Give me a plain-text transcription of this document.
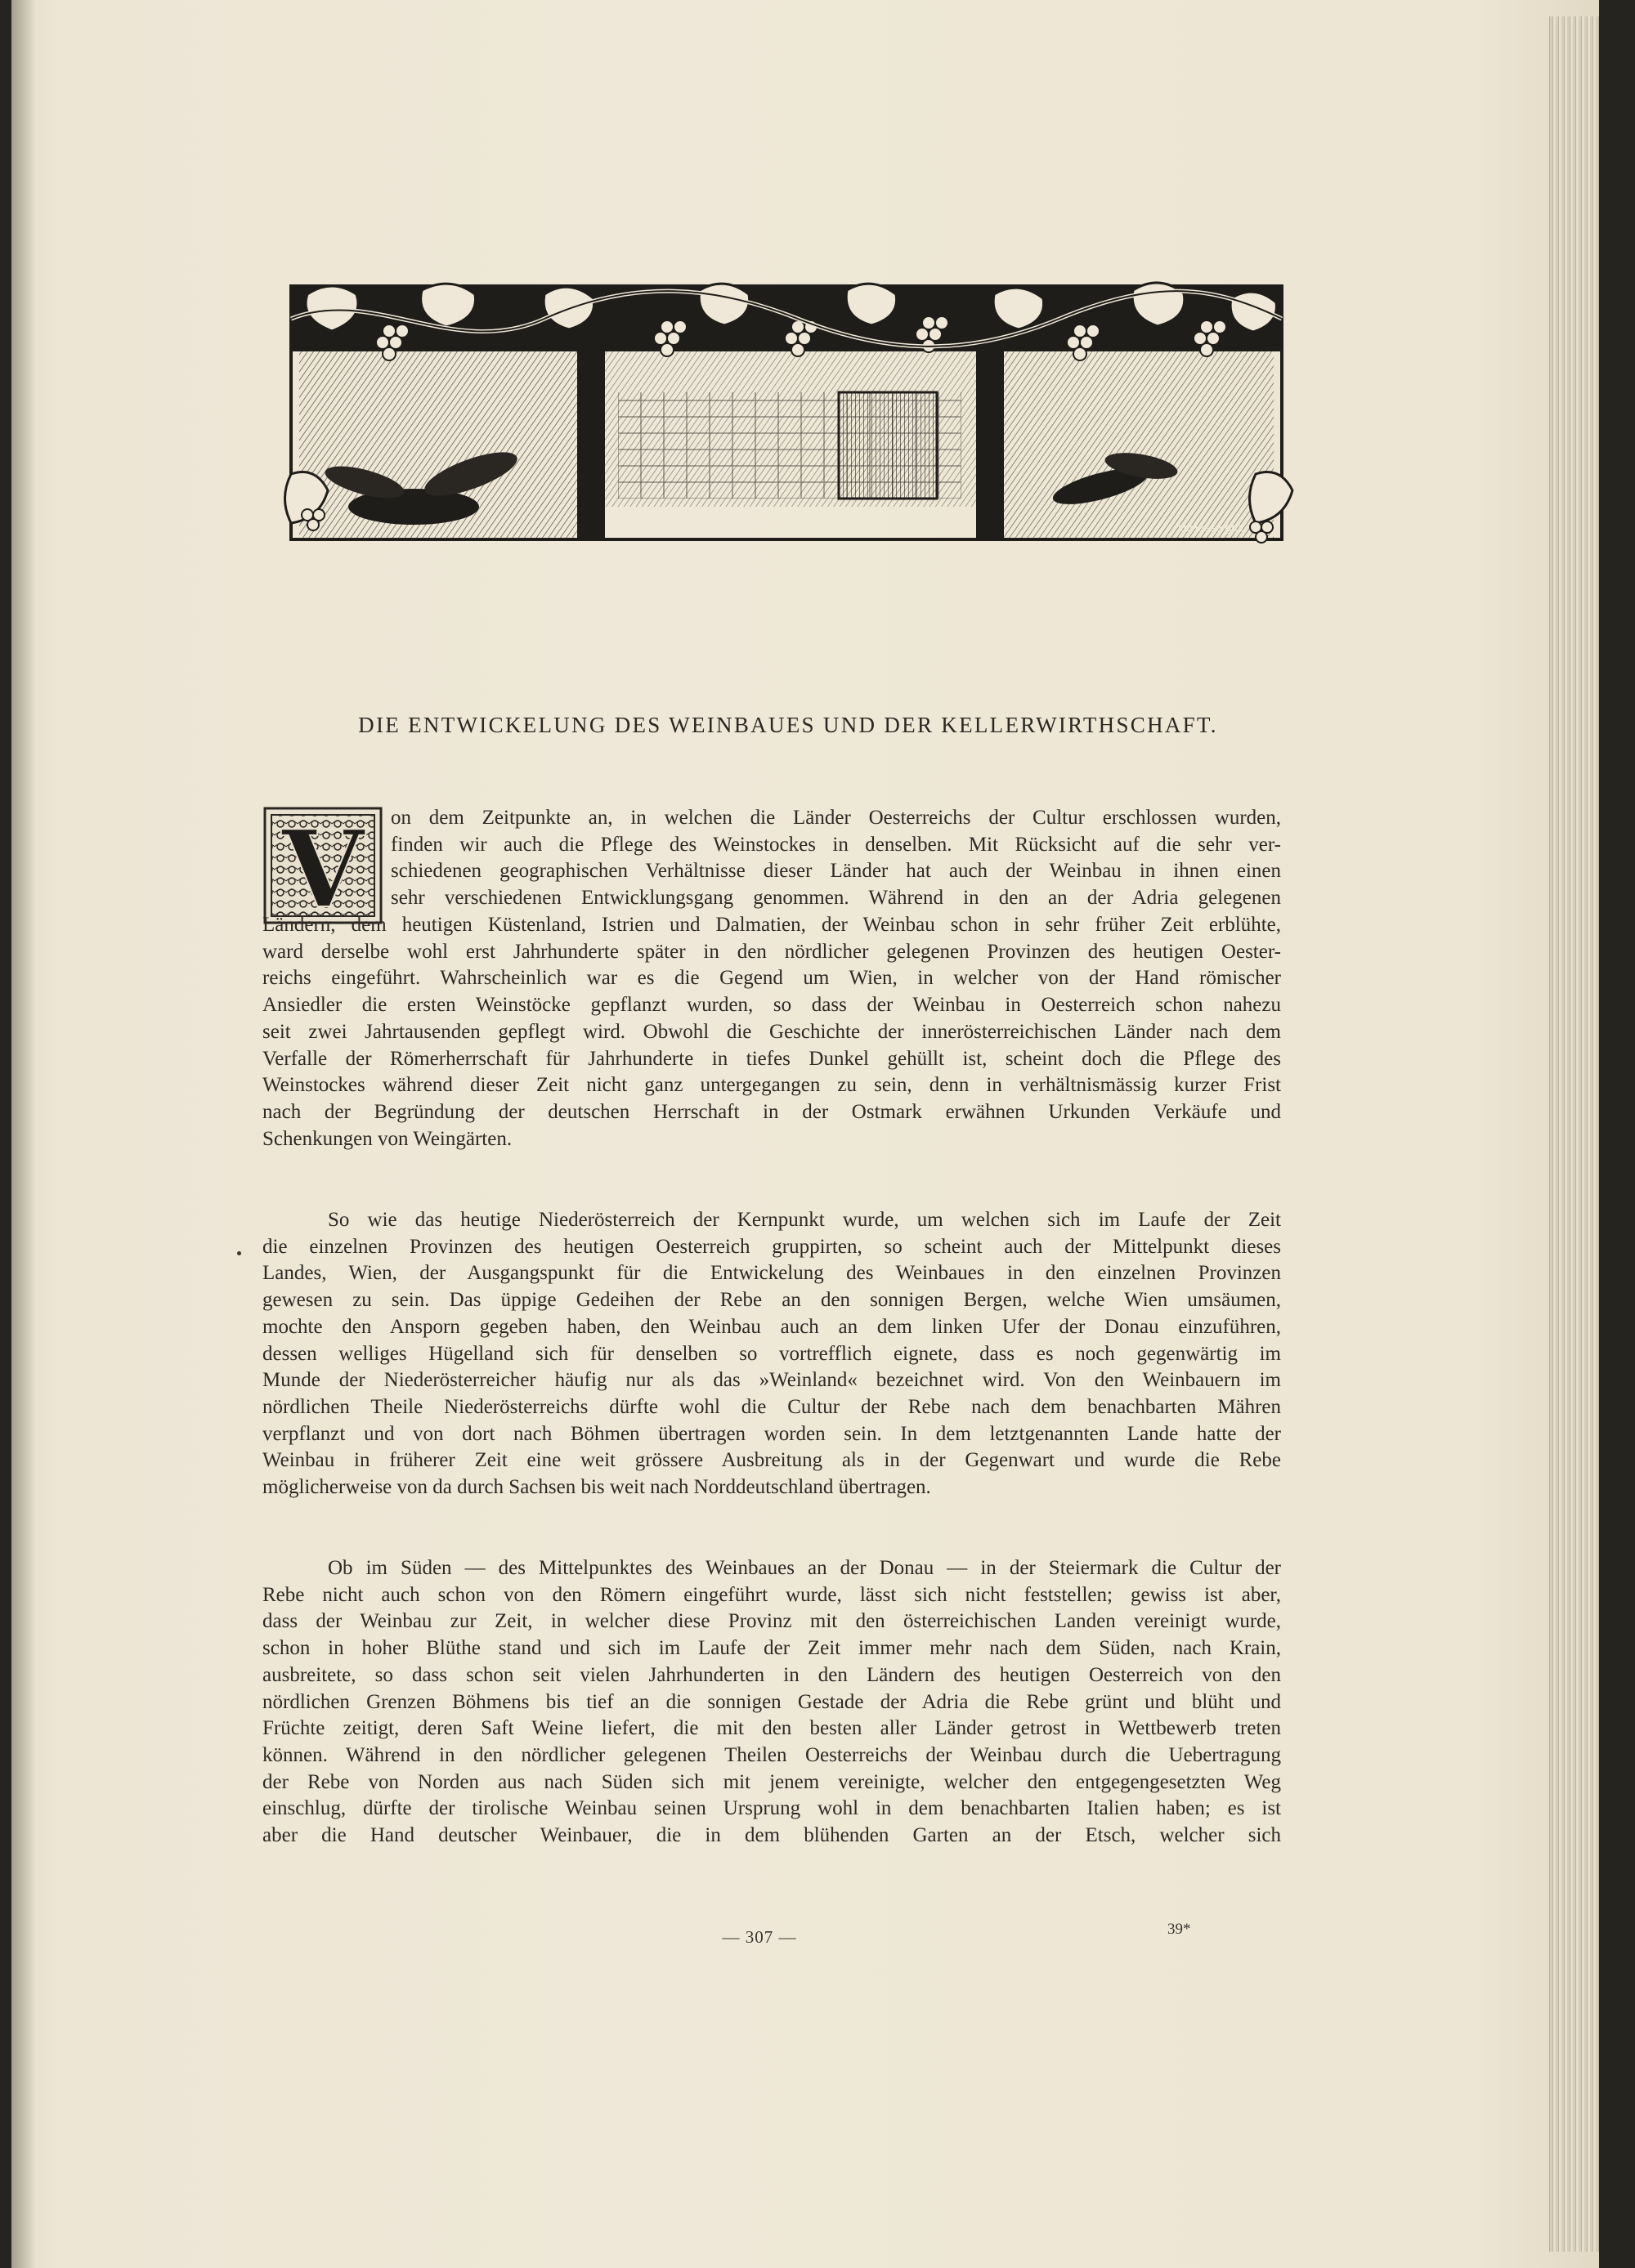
U.Hesse gez.
DIE ENTWICKELUNG DES WEINBAUES UND DER KELLERWIRTHSCHAFT.
V on dem Zeitpunkte an, in welchen die Länder Oesterreichs der Cultur erschlossen wurden,
finden wir auch die Pflege des Weinstockes in denselben. Mit Rücksicht auf die sehr ver-
schiedenen geographischen Verhältnisse dieser Länder hat auch der Weinbau in ihnen einen
sehr verschiedenen Entwicklungsgang genommen. Während in den an der Adria gelegenen
Ländern, dem heutigen Küstenland, Istrien und Dalmatien, der Weinbau schon in sehr früher Zeit erblühte,
ward derselbe wohl erst Jahrhunderte später in den nördlicher gelegenen Provinzen des heutigen Oester-
reichs eingeführt. Wahrscheinlich war es die Gegend um Wien, in welcher von der Hand römischer
Ansiedler die ersten Weinstöcke gepflanzt wurden, so dass der Weinbau in Oesterreich schon nahezu
seit zwei Jahrtausenden gepflegt wird. Obwohl die Geschichte der innerösterreichischen Länder nach dem
Verfalle der Römerherrschaft für Jahrhunderte in tiefes Dunkel gehüllt ist, scheint doch die Pflege des
Weinstockes während dieser Zeit nicht ganz untergegangen zu sein, denn in verhältnismässig kurzer Frist
nach der Begründung der deutschen Herrschaft in der Ostmark erwähnen Urkunden Verkäufe und
Schenkungen von Weingärten.
So wie das heutige Niederösterreich der Kernpunkt wurde, um welchen sich im Laufe der Zeit
die einzelnen Provinzen des heutigen Oesterreich gruppirten, so scheint auch der Mittelpunkt dieses
Landes, Wien, der Ausgangspunkt für die Entwickelung des Weinbaues in den einzelnen Provinzen
gewesen zu sein. Das üppige Gedeihen der Rebe an den sonnigen Bergen, welche Wien umsäumen,
mochte den Ansporn gegeben haben, den Weinbau auch an dem linken Ufer der Donau einzuführen,
dessen welliges Hügelland sich für denselben so vortrefflich eignete, dass es noch gegenwärtig im
Munde der Niederösterreicher häufig nur als das »Weinland« bezeichnet wird. Von den Weinbauern im
nördlichen Theile Niederösterreichs dürfte wohl die Cultur der Rebe nach dem benachbarten Mähren
verpflanzt und von dort nach Böhmen übertragen worden sein. In dem letztgenannten Lande hatte der
Weinbau in früherer Zeit eine weit grössere Ausbreitung als in der Gegenwart und wurde die Rebe
möglicherweise von da durch Sachsen bis weit nach Norddeutschland übertragen.
Ob im Süden — des Mittelpunktes des Weinbaues an der Donau — in der Steiermark die Cultur der
Rebe nicht auch schon von den Römern eingeführt wurde, lässt sich nicht feststellen; gewiss ist aber,
dass der Weinbau zur Zeit, in welcher diese Provinz mit den österreichischen Landen vereinigt wurde,
schon in hoher Blüthe stand und sich im Laufe der Zeit immer mehr nach dem Süden, nach Krain,
ausbreitete, so dass schon seit vielen Jahrhunderten in den Ländern des heutigen Oesterreich von den
nördlichen Grenzen Böhmens bis tief an die sonnigen Gestade der Adria die Rebe grünt und blüht und
Früchte zeitigt, deren Saft Weine liefert, die mit den besten aller Länder getrost in Wettbewerb treten
können. Während in den nördlicher gelegenen Theilen Oesterreichs der Weinbau durch die Uebertragung
der Rebe von Norden aus nach Süden sich mit jenem vereinigte, welcher den entgegengesetzten Weg
einschlug, dürfte der tirolische Weinbau seinen Ursprung wohl in dem benachbarten Italien haben; es ist
aber die Hand deutscher Weinbauer, die in dem blühenden Garten an der Etsch, welcher sich
— 307 —	39*
